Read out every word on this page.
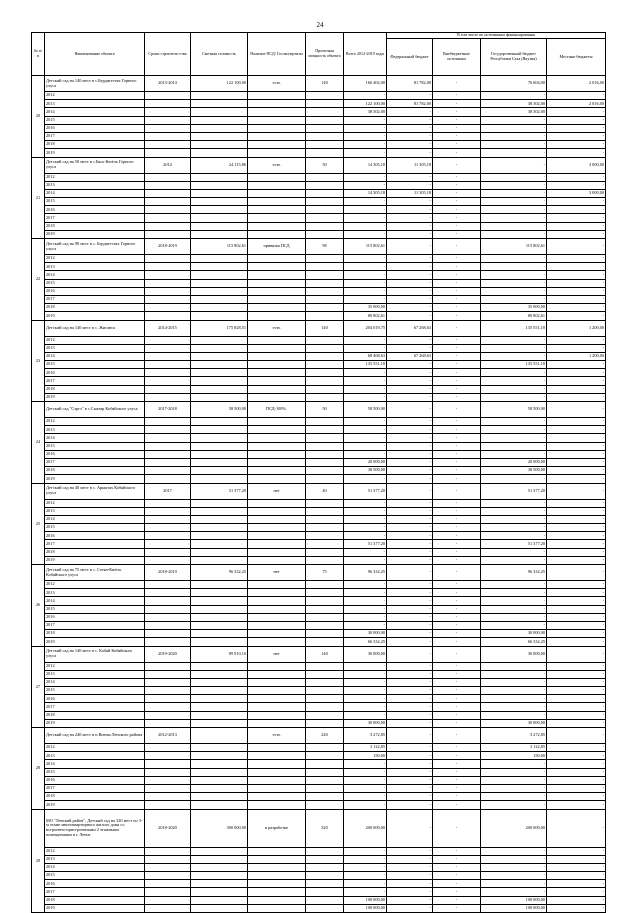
24
№ п/п	Наименование объекта	Сроки строитель-ства	Сметная стоимость	Наличие ПСД/ Госэкспертизы	Проектная мощность объекта	Всего 2012-2019 годы	В том числе по источникам финансирования			
							Федеральный бюджет	Внебюджетные источники	Государственный бюджет Республики Саха (Якутия)	Местные бюджеты
20	Детский сад на 140 мест в с.Бердигестях Горного улуса	2013-2014	122 100,00	есть	140	160 402,00	81 782,00	-	76 604,00	2 016,00
	2012					-	-	-	-	-
	2013					122 100,00	81 782,00	-	38 302,00	2 016,00
	2014					38 302,00	-	-	38 302,00	-
	2015					-	-	-	-	-
	2016					-	-	-	-	-
	2017					-	-	-	-	-
	2018					-	-	-	-	-
	2019					-	-	-	-	-
21	Детский сад на 50 мест в с.Бясь-Кюёль Горного улуса	2014	24 115,86	есть	50	14 305,18	11 305,18	-	-	3 000,00
	2012					-	-	-	-	-
	2013					-	-	-	-	-
	2014					14 305,18	11 305,18	-	-	3 000,00
	2015					-	-	-	-	-
	2016					-	-	-	-	-
	2017					-	-	-	-	-
	2018					-	-	-	-	-
	2019					-	-	-	-	-
22	Детский сад на 98 мест в с. Бердигестях Горного улуса	2018-2019	115 802,61	привязка ПСД	98	115 802,61	-	-	115 802,61	-
	2012					-	-	-	-	-
	2013					-	-	-	-	-
	2014					-	-	-	-	-
	2015					-	-	-	-	-
	2016					-	-	-	-	-
	2017					-	-	-	-	-
	2018					35 000,00	-	-	35 000,00	-
	2019					80 802,61	-	-	80 802,61	-
23	Детский сад на 140 мест в с. Жиганск	2014-2015	175 828,51	есть	140	204 019,75	67 268,63	-	135 551,10	1 200,00
	2012					-	-	-	-	-
	2013					-	-	-	-	-
	2014					68 468,63	67 268,63	-	-	1 200,00
	2015					135 551,10	-	-	135 551,10	-
	2016					-	-	-	-	-
	2017					-	-	-	-	-
	2018					-	-	-	-	-
	2019					-	-	-	-	-
24	Детский сад "Сэргэ" в с.Сыатар Кобяйского улуса	2017-2018	58 500,00	ПСД-100%.	50	58 500,00	-	-	58 500,00	-
	2012					-	-	-	-	-
	2013					-	-	-	-	-
	2014					-	-	-	-	-
	2015					-	-	-	-	-
	2016					-	-	-	-	-
	2017					20 000,00	-	-	20 000,00	-
	2018					38 500,00	-	-	38 500,00	-
	2019					-	-	-	-	-
25	Детский сад на 40 мест в с. Арыктах Кобяйского улуса	2017	51 377,20	нет	40	51 377,20	-	-	51 377,20	-
	2012					-	-	-	-	-
	2013					-	-	-	-	-
	2014					-	-	-	-	-
	2015					-	-	-	-	-
	2016					-	-	-	-	-
	2017					51 377,20	-	-	51 377,20	-
	2018					-	-	-	-	-
	2019					-	-	-	-	-
26	Детский сад на 75 мест в с. Сегян-Кюёль Кобяйского улуса	2018-2019	96 332,25	нет	75	96 332,25	-	-	96 332,25	-
	2012					-	-	-	-	-
	2013					-	-	-	-	-
	2014					-	-	-	-	-
	2015					-	-	-	-	-
	2016					-	-	-	-	-
	2017					-	-	-	-	-
	2018					30 000,00	-	-	30 000,00	-
	2019					66 332,25	-	-	66 332,25	-
27	Детский сад на 140 мест в с. Кобяй Кобяйского улуса	2019-2020	89 910,10	нет	140	30 000,00	-	-	30 000,00	-
	2012					-	-	-	-	-
	2013					-	-	-	-	-
	2014					-	-	-	-	-
	2015					-	-	-	-	-
	2016					-	-	-	-	-
	2017					-	-	-	-	-
	2018					-	-	-	-	-
	2019					30 000,00	-	-	30 000,00	-
28	Детский сад на 240 мест в п.Витим Ленского района	2012-2013		есть	240	3 272,85	-	-	3 272,85	-
	2012					3 122,85	-	-	3 122,85	-
	2013					150,00	-	-	150,00	-
	2014					-	-	-	-	-
	2015					-	-	-	-	-
	2016					-	-	-	-	-
	2017					-	-	-	-	-
	2018					-	-	-	-	-
	2019					-	-	-	-	-
29	МО "Ленский район", Детский сад на 320 мест по 3-м этаже многоквартирного жилого дома со встроенно-пристроенными 2 этажными помещениями в г. Ленск	2018-2020	300 000,00	в разработке	320	200 000,00	-	-	200 000,00	-
	2012					-	-	-	-	-
	2013					-	-	-	-	-
	2014					-	-	-	-	-
	2015					-	-	-	-	-
	2016					-	-	-	-	-
	2017					-	-	-	-	-
	2018					100 000,00	-	-	100 000,00	-
	2019					100 000,00	-	-	100 000,00	-
